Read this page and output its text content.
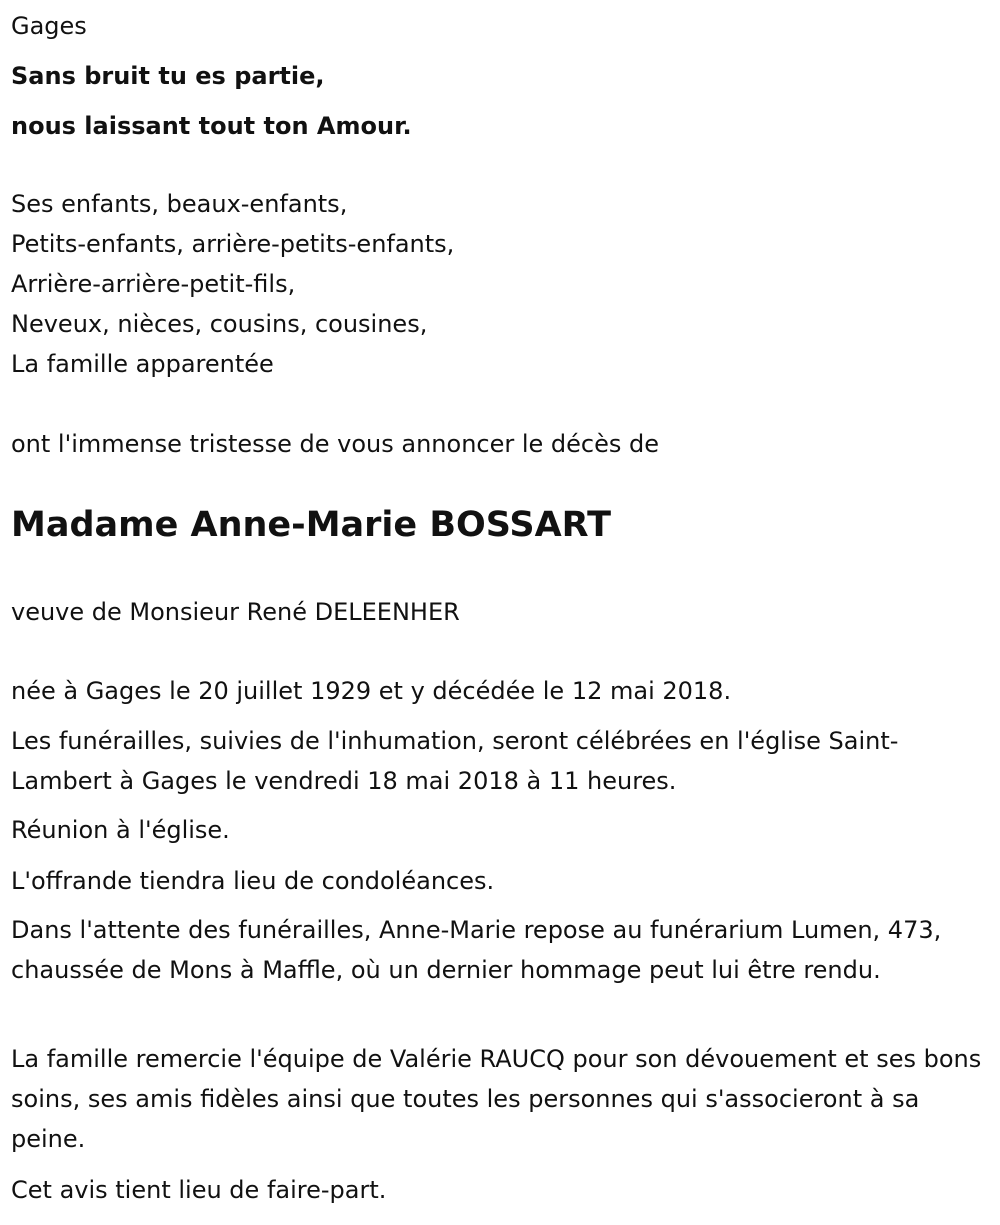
Gages
Sans bruit tu es partie,
nous laissant tout ton Amour.
Ses enfants, beaux-enfants,
Petits-enfants, arrière-petits-enfants,
Arrière-arrière-petit-fils,
Neveux, nièces, cousins, cousines,
La famille apparentée
ont l'immense tristesse de vous annoncer le décès de
Madame Anne-Marie BOSSART
veuve de Monsieur René DELEENHER
née à Gages le 20 juillet 1929 et y décédée le 12 mai 2018.
Les funérailles, suivies de l'inhumation, seront célébrées en l'église Saint-Lambert à Gages le vendredi 18 mai 2018 à 11 heures.
Réunion à l'église.
L'offrande tiendra lieu de condoléances.
Dans l'attente des funérailles, Anne-Marie repose au funérarium Lumen, 473, chaussée de Mons à Maffle, où un dernier hommage peut lui être rendu.
La famille remercie l'équipe de Valérie RAUCQ pour son dévouement et ses bons soins, ses amis fidèles ainsi que toutes les personnes qui s'associeront à sa peine.
Cet avis tient lieu de faire-part.
